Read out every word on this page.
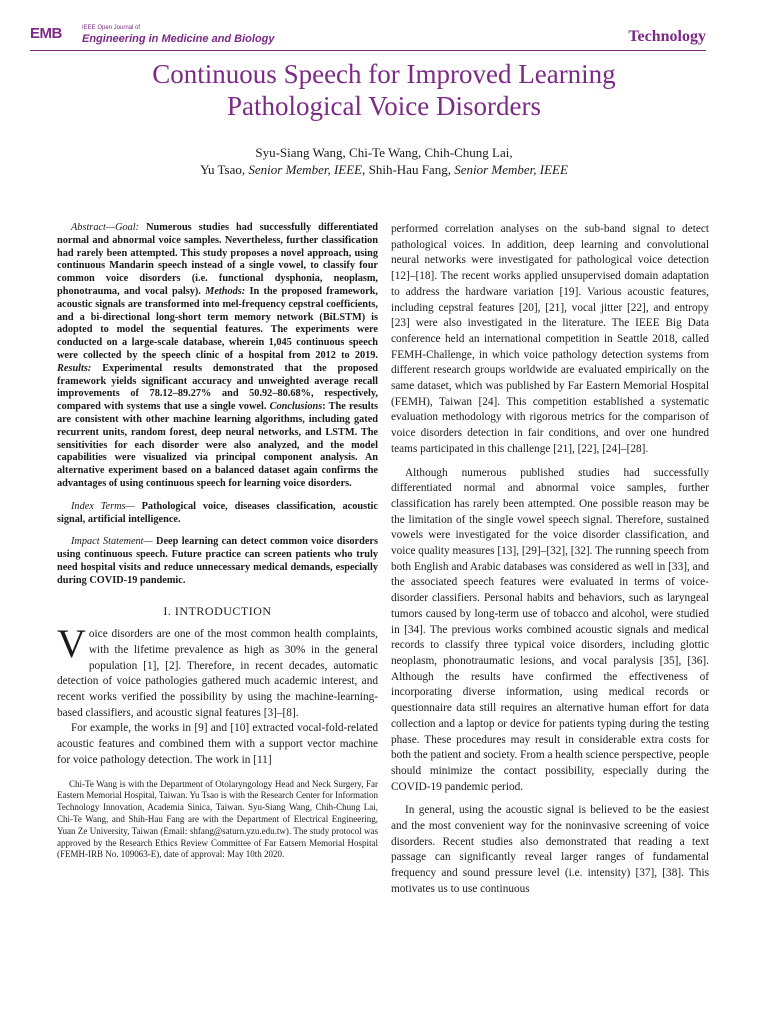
EMB	IEEE Open Journal of
Engineering in Medicine and Biology	Technology
Continuous Speech for Improved Learning
Pathological Voice Disorders
Syu-Siang Wang, Chi-Te Wang, Chih-Chung Lai,
Yu Tsao, Senior Member, IEEE, Shih-Hau Fang, Senior Member, IEEE
Abstract—Goal: Numerous studies had successfully differentiated normal and abnormal voice samples. Nevertheless, further classification had rarely been attempted. This study proposes a novel approach, using continuous Mandarin speech instead of a single vowel, to classify four common voice disorders (i.e. functional dysphonia, neoplasm, phonotrauma, and vocal palsy). Methods: In the proposed framework, acoustic signals are transformed into mel-frequency cepstral coefficients, and a bi-directional long-short term memory network (BiLSTM) is adopted to model the sequential features. The experiments were conducted on a large-scale database, wherein 1,045 continuous speech were collected by the speech clinic of a hospital from 2012 to 2019. Results: Experimental results demonstrated that the proposed framework yields significant accuracy and unweighted average recall improvements of 78.12–89.27% and 50.92–80.68%, respectively, compared with systems that use a single vowel. Conclusions: The results are consistent with other machine learning algorithms, including gated recurrent units, random forest, deep neural networks, and LSTM. The sensitivities for each disorder were also analyzed, and the model capabilities were visualized via principal component analysis. An alternative experiment based on a balanced dataset again confirms the advantages of using continuous speech for learning voice disorders.
Index Terms— Pathological voice, diseases classification, acoustic signal, artificial intelligence.
Impact Statement— Deep learning can detect common voice disorders using continuous speech. Future practice can screen patients who truly need hospital visits and reduce unnecessary medical demands, especially during COVID-19 pandemic.
I. INTRODUCTION
Voice disorders are one of the most common health complaints, with the lifetime prevalence as high as 30% in the general population [1], [2]. Therefore, in recent decades, automatic detection of voice pathologies gathered much academic interest, and recent works verified the possibility by using the machine-learning-based classifiers, and acoustic signal features [3]–[8].
For example, the works in [9] and [10] extracted vocal-fold-related acoustic features and combined them with a support vector machine for voice pathology detection. The work in [11]
Chi-Te Wang is with the Department of Otolaryngology Head and Neck Surgery, Far Eastern Memorial Hospital, Taiwan. Yu Tsao is with the Research Center for Information Technology Innovation, Academia Sinica, Taiwan. Syu-Siang Wang, Chih-Chung Lai, Chi-Te Wang, and Shih-Hau Fang are with the Department of Electrical Engineering, Yuan Ze University, Taiwan (Email: shfang@saturn.yzu.edu.tw). The study protocol was approved by the Research Ethics Review Committee of Far Eatsern Memorial Hospital (FEMH-IRB No. 109063-E), date of approval: May 10th 2020.
performed correlation analyses on the sub-band signal to detect pathological voices. In addition, deep learning and convolutional neural networks were investigated for pathological voice detection [12]–[18]. The recent works applied unsupervised domain adaptation to address the hardware variation [19]. Various acoustic features, including cepstral features [20], [21], vocal jitter [22], and entropy [23] were also investigated in the literature. The IEEE Big Data conference held an international competition in Seattle 2018, called FEMH-Challenge, in which voice pathology detection systems from different research groups worldwide are evaluated empirically on the same dataset, which was published by Far Eastern Memorial Hospital (FEMH), Taiwan [24]. This competition established a systematic evaluation methodology with rigorous metrics for the comparison of voice disorders detection in fair conditions, and over one hundred teams participated in this challenge [21], [22], [24]–[28].
Although numerous published studies had successfully differentiated normal and abnormal voice samples, further classification has rarely been attempted. One possible reason may be the limitation of the single vowel speech signal. Therefore, sustained vowels were investigated for the voice disorder classification, and voice quality measures [13], [29]–[32], [32]. The running speech from both English and Arabic databases was considered as well in [33], and the associated speech features were evaluated in terms of voice-disorder classifiers. Personal habits and behaviors, such as laryngeal tumors caused by long-term use of tobacco and alcohol, were studied in [34]. The previous works combined acoustic signals and medical records to classify three typical voice disorders, including glottic neoplasm, phonotraumatic lesions, and vocal paralysis [35], [36]. Although the results have confirmed the effectiveness of incorporating diverse information, using medical records or questionnaire data still requires an alternative human effort for data collection and a laptop or device for patients typing during the testing phase. These procedures may result in considerable extra costs for both the patient and society. From a health science perspective, people should minimize the contact possibility, especially during the COVID-19 pandemic period.
In general, using the acoustic signal is believed to be the easiest and the most convenient way for the noninvasive screening of voice disorders. Recent studies also demonstrated that reading a text passage can significantly reveal larger ranges of fundamental frequency and sound pressure level (i.e. intensity) [37], [38]. This motivates us to use continuous
